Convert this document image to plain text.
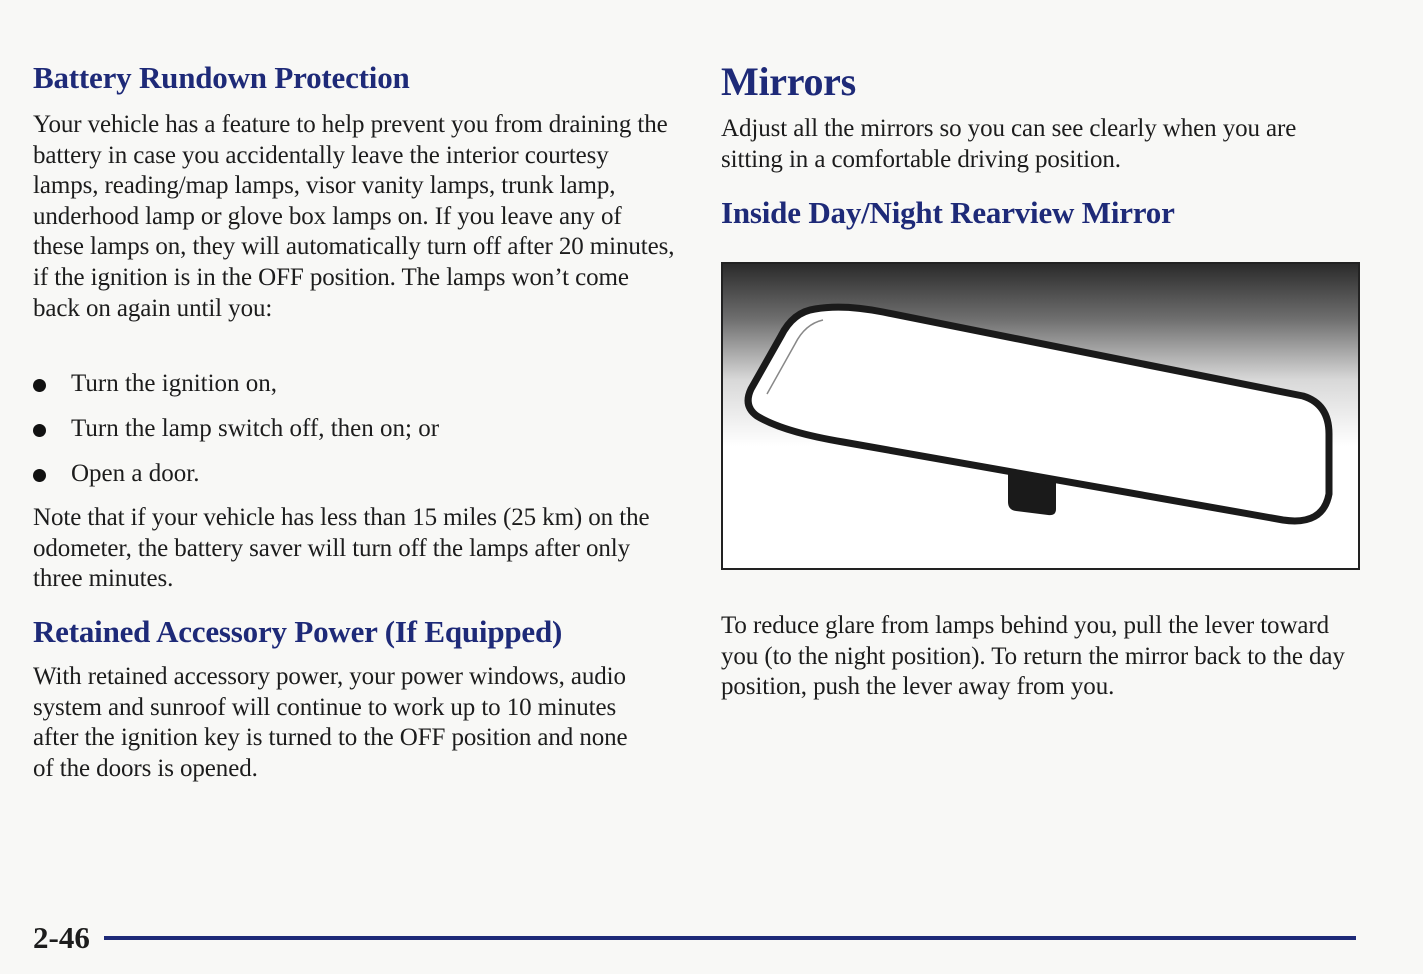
Battery Rundown Protection

Your vehicle has a feature to help prevent you from draining the battery in case you accidentally leave the interior courtesy lamps, reading/map lamps, visor vanity lamps, trunk lamp, underhood lamp or glove box lamps on. If you leave any of these lamps on, they will automatically turn off after 20 minutes, if the ignition is in the OFF position. The lamps won’t come back on again until you:

Turn the ignition on,
Turn the lamp switch off, then on; or
Open a door.

Note that if your vehicle has less than 15 miles (25 km) on the odometer, the battery saver will turn off the lamps after only three minutes.

Retained Accessory Power (If Equipped)

With retained accessory power, your power windows, audio system and sunroof will continue to work up to 10 minutes after the ignition key is turned to the OFF position and none of the doors is opened.

Mirrors

Adjust all the mirrors so you can see clearly when you are sitting in a comfortable driving position.

Inside Day/Night Rearview Mirror

To reduce glare from lamps behind you, pull the lever toward you (to the night position). To return the mirror back to the day position, push the lever away from you.

2-46
